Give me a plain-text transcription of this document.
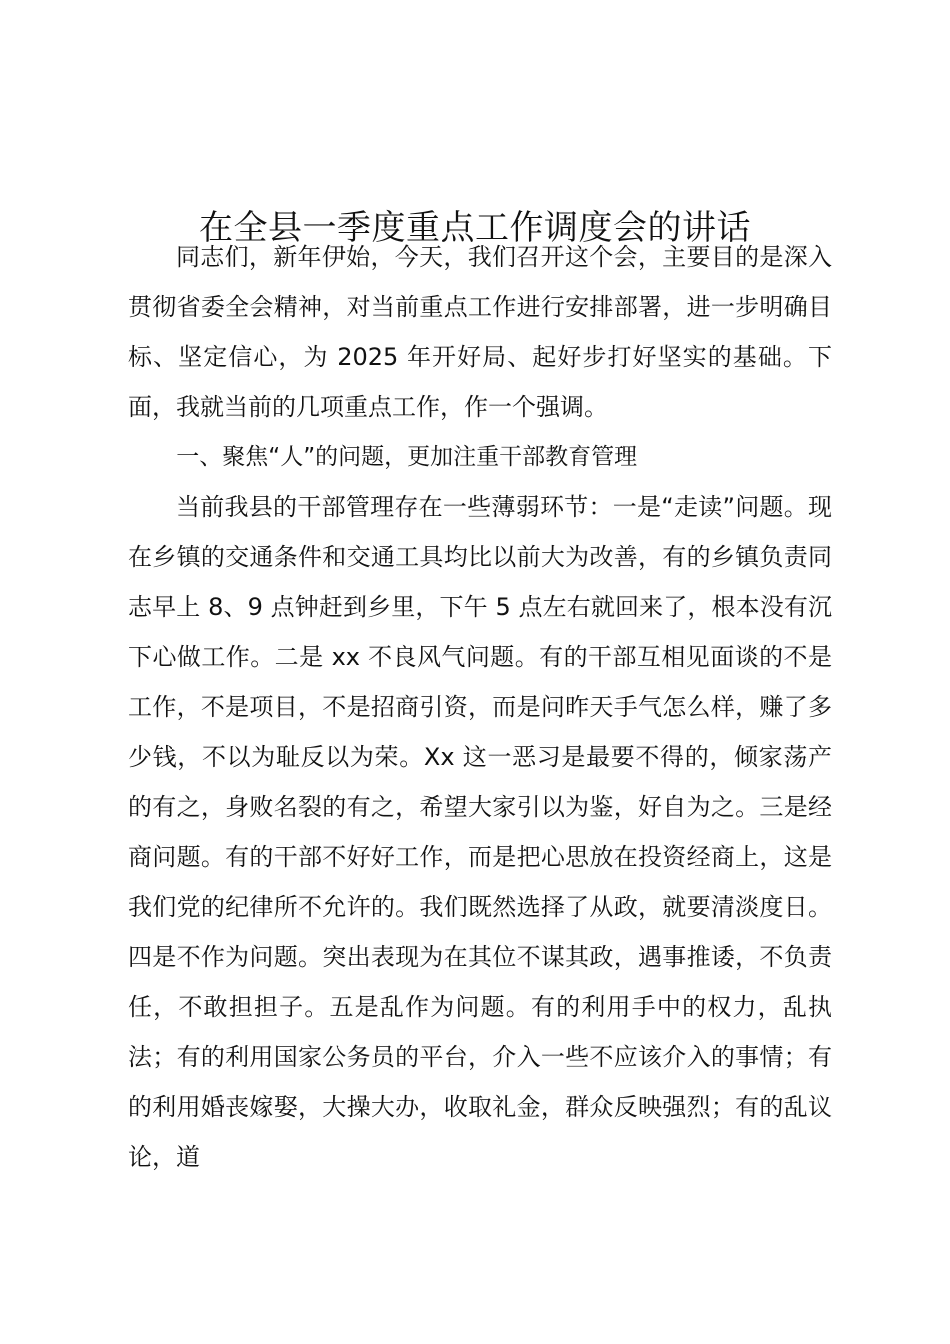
在全县一季度重点工作调度会的讲话

同志们，新年伊始，今天，我们召开这个会，主要目的是深入贯彻省委全会精神，对当前重点工作进行安排部署，进一步明确目标、坚定信心，为 2025 年开好局、起好步打好坚实的基础。下面，我就当前的几项重点工作，作一个强调。

一、聚焦“人”的问题，更加注重干部教育管理

当前我县的干部管理存在一些薄弱环节：一是“走读”问题。现在乡镇的交通条件和交通工具均比以前大为改善，有的乡镇负责同志早上 8、9 点钟赶到乡里，下午 5 点左右就回来了，根本没有沉下心做工作。二是 xx 不良风气问题。有的干部互相见面谈的不是工作，不是项目，不是招商引资，而是问昨天手气怎么样，赚了多少钱，不以为耻反以为荣。Xx 这一恶习是最要不得的，倾家荡产的有之，身败名裂的有之，希望大家引以为鉴，好自为之。三是经商问题。有的干部不好好工作，而是把心思放在投资经商上，这是我们党的纪律所不允许的。我们既然选择了从政，就要清淡度日。四是不作为问题。突出表现为在其位不谋其政，遇事推诿，不负责任，不敢担担子。五是乱作为问题。有的利用手中的权力，乱执法；有的利用国家公务员的平台，介入一些不应该介入的事情；有的利用婚丧嫁娶，大操大办，收取礼金，群众反映强烈；有的乱议论，道
